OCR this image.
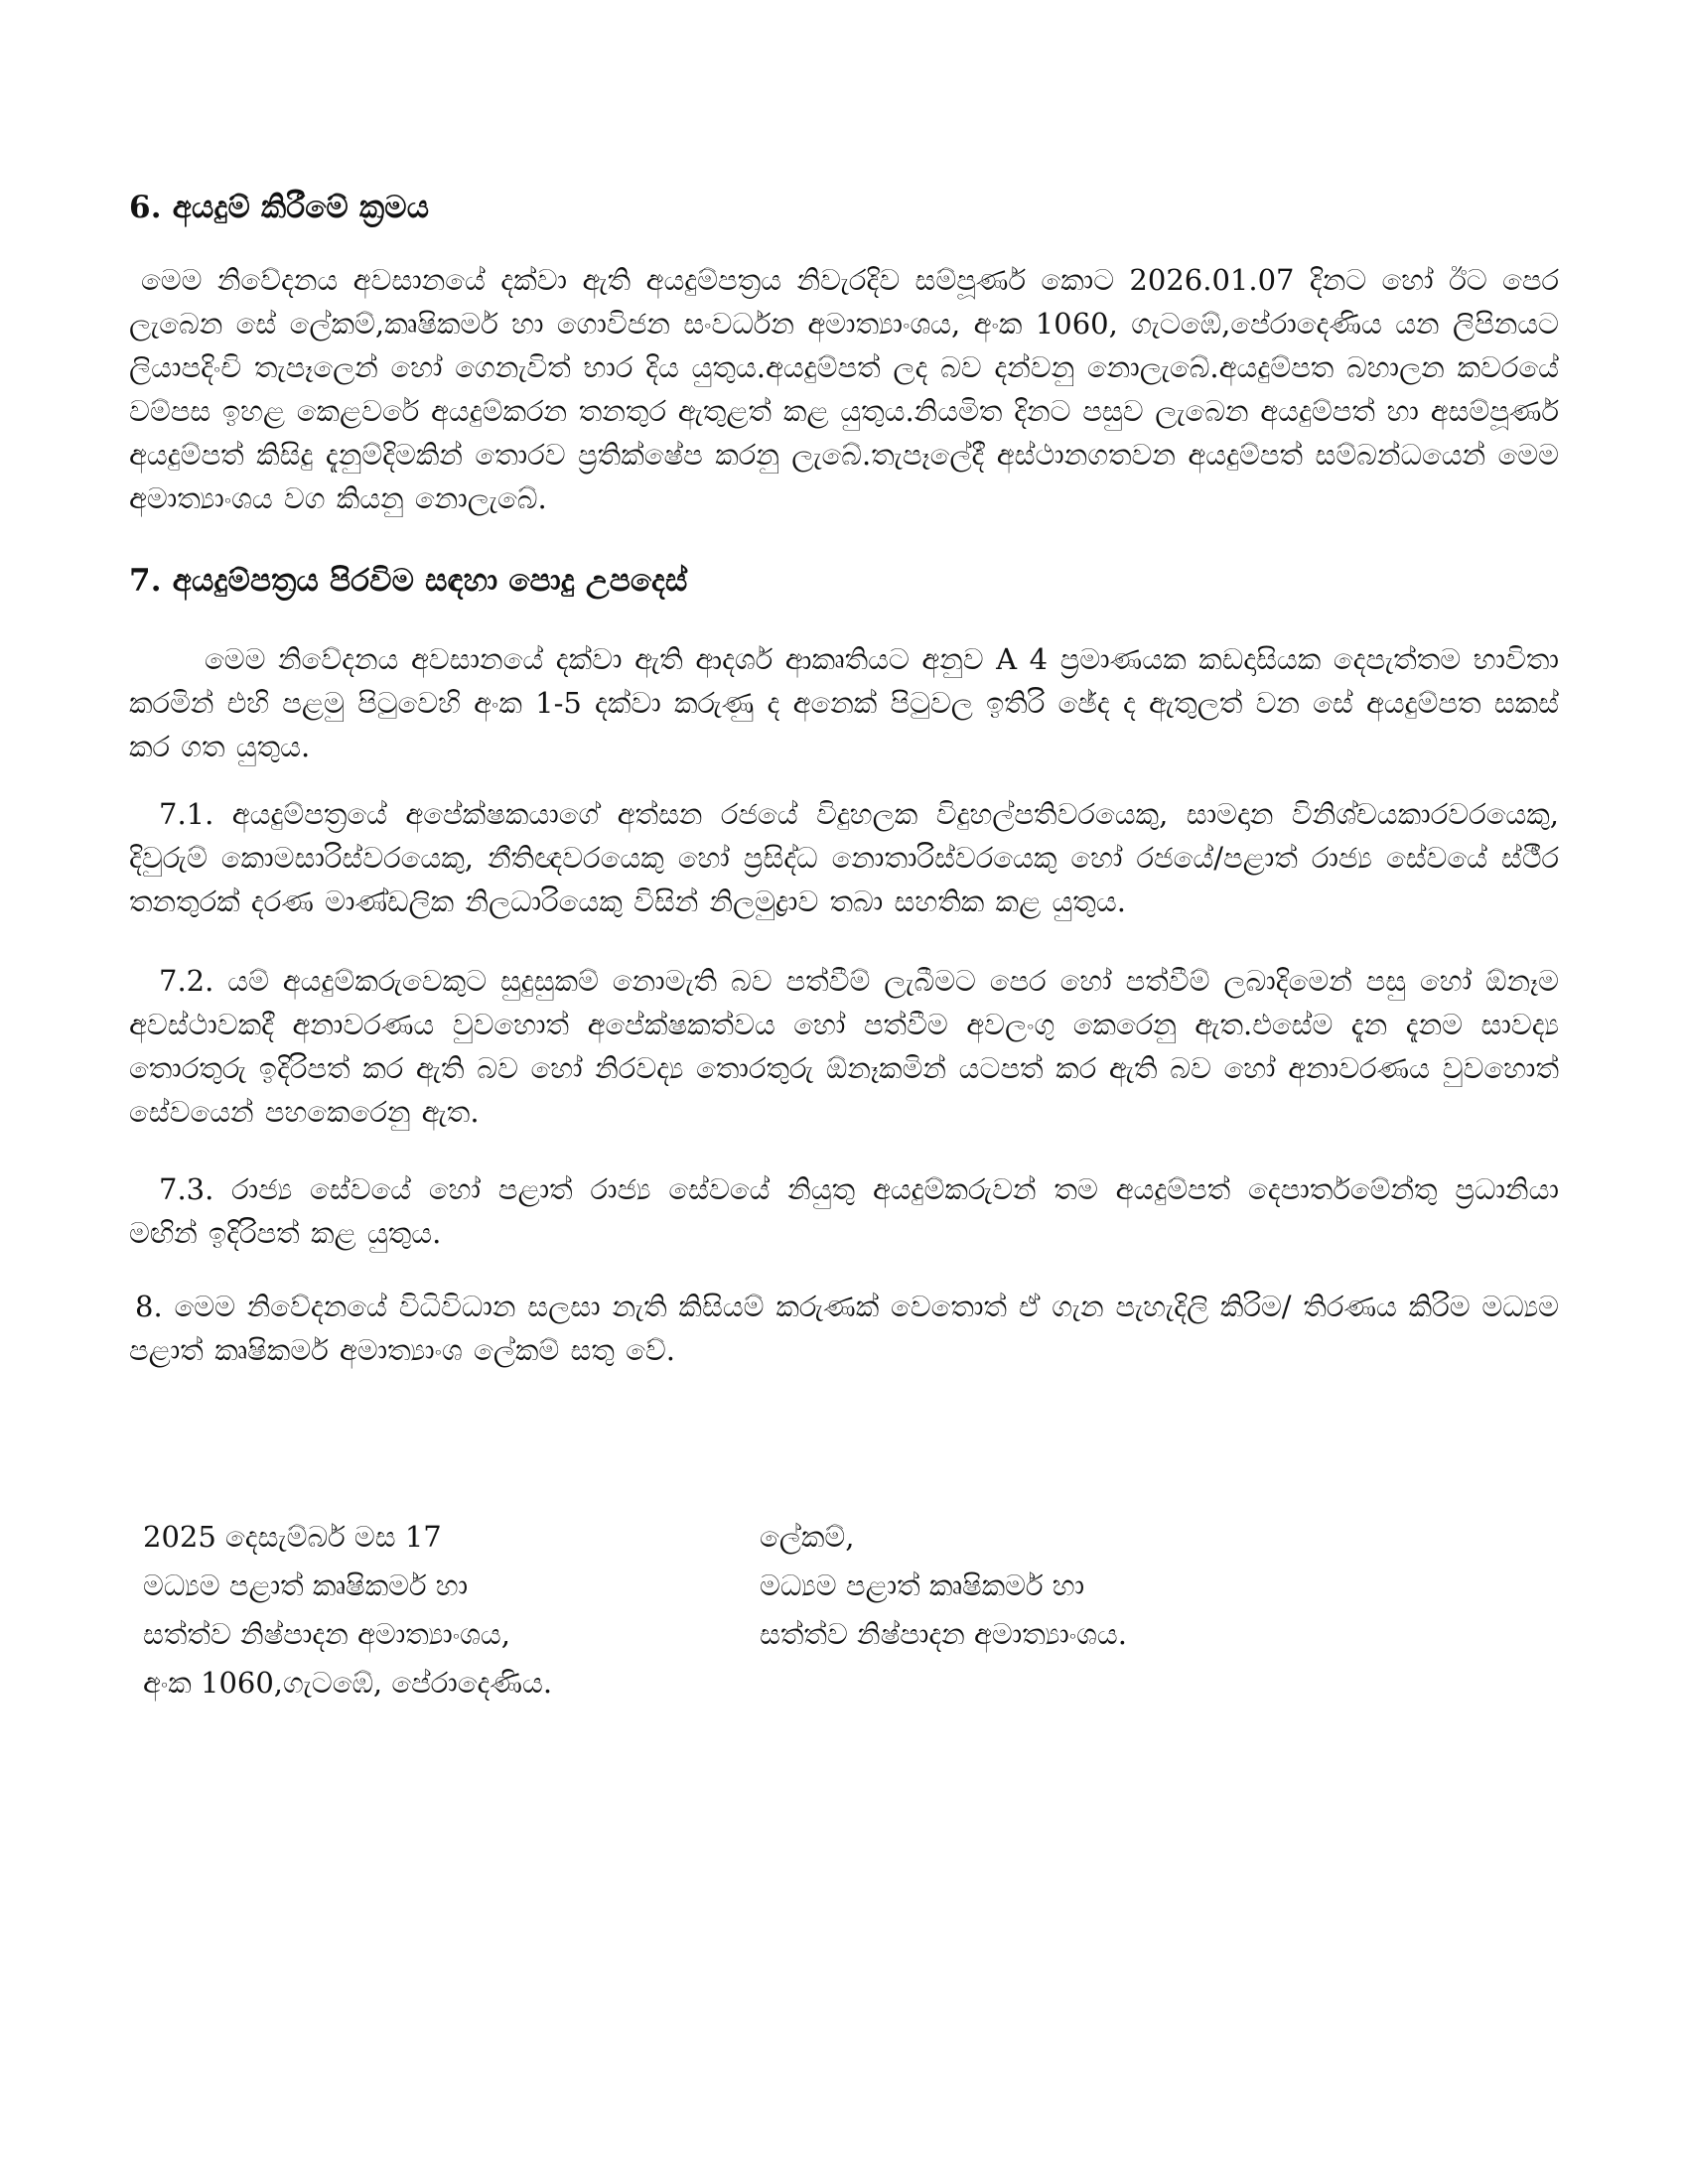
6. අයදුම් කිරීමේ ක්‍රමය

මෙම නිවේදනය අවසානයේ දක්වා ඇති අයදුම්පත්‍රය නිවැරදිව සම්පූර්ණ කොට 2026.01.07 දිනට හෝ ඊට පෙර ලැබෙන සේ ලේකම්,කෘෂිකර්ම හා ගොවිජන සංවර්ධන අමාත්‍යාංශය, අංක 1060, ගැටඹේ,පේරාදෙණිය යන ලිපිනයට ලියාපදිංචි තැපෑලෙන් හෝ ගෙනැවිත් භාර දිය යුතුය.අයදුම්පත් ලද බව දන්වනු නොලැබේ.අයදුම්පත බහාලන කවරයේ වම්පස ඉහළ කෙළවරේ අයදුම්කරන තනතුර ඇතුළත් කළ යුතුය.නියමිත දිනට පසුව ලැබෙන අයදුම්පත් හා අසම්පූර්ණ අයදුම්පත් කිසිදු දැනුම්දිමකින් තොරව ප්‍රතික්ෂේප කරනු ලැබේ.තැපෑලේදී අස්ථානගතවන අයදුම්පත් සම්බන්ධයෙන් මෙම අමාත්‍යාංශය වග කියනු නොලැබේ.

7. අයදුම්පත්‍රය පිරවිම සඳහා පොදු උපදෙස්

මෙම නිවේදනය අවසානයේ දක්වා ඇති ආදර්ශ ආකෘතියට අනුව A 4 ප්‍රමාණයක කඩදාසියක දෙපැත්තම භාවිතා කරමින් එහි පළමු පිටුවෙහි අංක 1-5 දක්වා කරුණු ද අනෙක් පිටුවල ඉතිරි ඡේද ද ඇතුලත් වන සේ අයදුම්පත සකස් කර ගත යුතුය.

7.1. අයදුම්පත්‍රයේ අපේක්ෂකයාගේ අත්සන රජයේ විදුහලක විදුහල්පතිවරයෙකු, සාමදාන විනිශ්චයකාරවරයෙකු, දිවුරුම් කොමසාරිස්වරයෙකු, නීතිඥවරයෙකු හෝ ප්‍රසිද්ධ නොතාරිස්වරයෙකු හෝ රජයේ/පළාත් රාජ්‍ය සේවයේ ස්ථීර තනතුරක් දරණ මාණ්ඩලික නිලධාරියෙකු විසින් නිලමුද්‍රාව තබා සහතික කළ යුතුය.

7.2. යම් අයදුම්කරුවෙකුට සුදුසුකම් නොමැති බව පත්වීම් ලැබීමට පෙර හෝ පත්වීම් ලබාදිමෙන් පසු හෝ ඕනෑම අවස්ථාවකදී අනාවරණය වුවහොත් අපේක්ෂකත්වය හෝ පත්වීම අවලංගු කෙරෙනු ඇත.එසේම දැන දැනම සාවද්‍ය තොරතුරු ඉදිරිපත් කර ඇති බව හෝ නිරවද්‍ය තොරතුරු ඕනෑකමින් යටපත් කර ඇති බව හෝ අනාවරණය වුවහොත් සේවයෙන් පහකෙරෙනු ඇත.

7.3. රාජ්‍ය සේවයේ හෝ පළාත් රාජ්‍ය සේවයේ නියුතු අයදුම්කරුවන් තම අයදුම්පත් දෙපාර්තමේන්තු ප්‍රධානියා මඟින් ඉදිරිපත් කළ යුතුය.

8. මෙම නිවේදනයේ විධිවිධාන සලසා නැති කිසියම් කරුණක් වෙතොත් ඒ ගැන පැහැදිලි කිරිම/ තිරණය කිරිම මධ්‍යම පළාත් කෘෂිකර්ම අමාත්‍යාංශ ලේකම් සතු වේ.

2025 දෙසැම්බර් මස 17
මධ්‍යම පළාත් කෘෂිකර්ම හා
සත්ත්ව නිෂ්පාදන අමාත්‍යාංශය,
අංක 1060,ගැටඹේ, පේරාදෙණිය.
ලේකම්,
මධ්‍යම පළාත් කෘෂිකර්ම හා
සත්ත්ව නිෂ්පාදන අමාත්‍යාංශය.
